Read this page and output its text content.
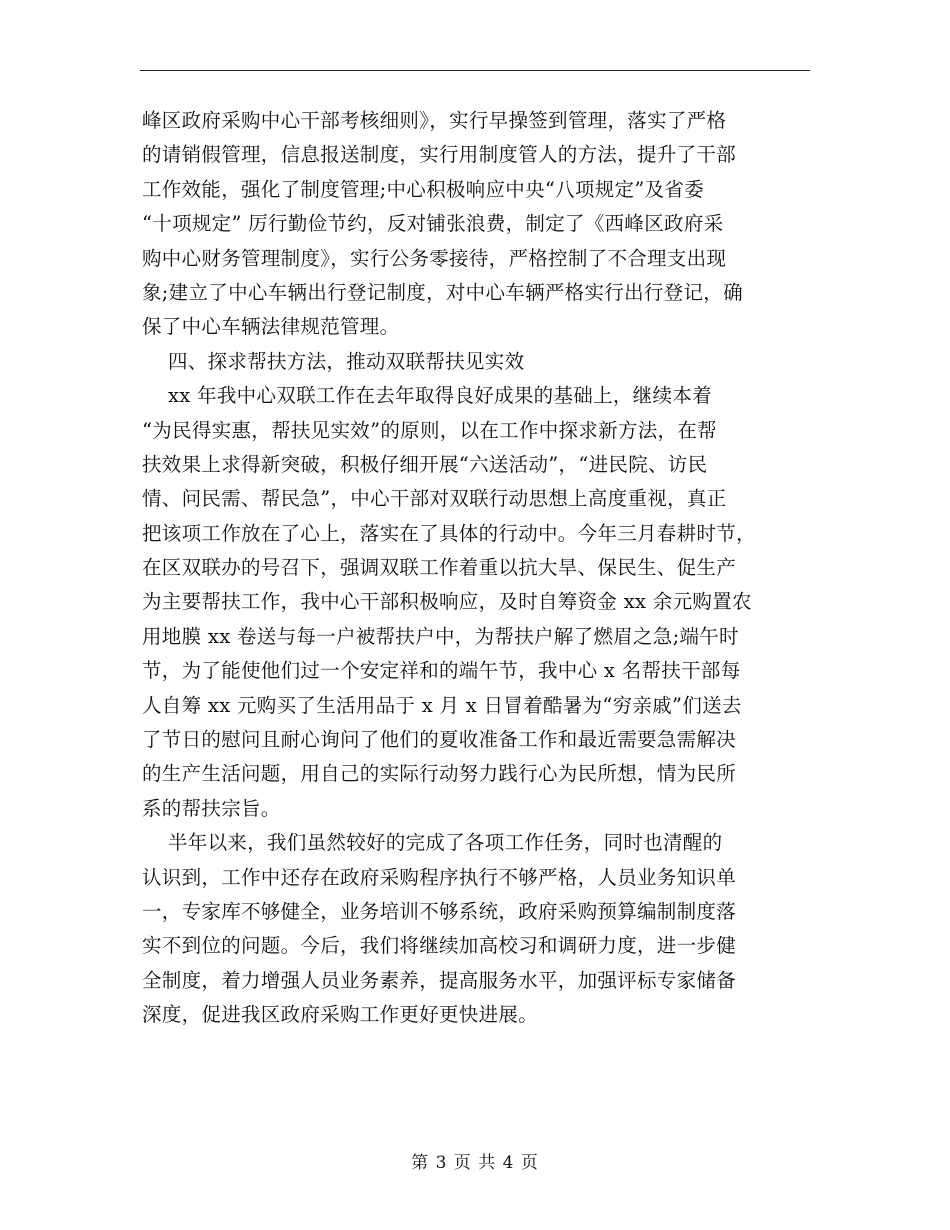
峰区政府采购中心干部考核细则》，实行早操签到管理，落实了严格
的请销假管理，信息报送制度，实行用制度管人的方法，提升了干部
工作效能，强化了制度管理;中心积极响应中央“八项规定”及省委
“十项规定” 厉行勤俭节约，反对铺张浪费，制定了《西峰区政府采
购中心财务管理制度》，实行公务零接待，严格控制了不合理支出现
象;建立了中心车辆出行登记制度，对中心车辆严格实行出行登记，确
保了中心车辆法律规范管理。
四、探求帮扶方法，推动双联帮扶见实效
xx 年我中心双联工作在去年取得良好成果的基础上，继续本着
“为民得实惠，帮扶见实效”的原则，以在工作中探求新方法，在帮
扶效果上求得新突破，积极仔细开展“六送活动”，“进民院、访民
情、问民需、帮民急”，中心干部对双联行动思想上高度重视，真正
把该项工作放在了心上，落实在了具体的行动中。今年三月春耕时节，
在区双联办的号召下，强调双联工作着重以抗大旱、保民生、促生产
为主要帮扶工作，我中心干部积极响应，及时自筹资金 xx 余元购置农
用地膜 xx 卷送与每一户被帮扶户中，为帮扶户解了燃眉之急;端午时
节，为了能使他们过一个安定祥和的端午节，我中心 x 名帮扶干部每
人自筹 xx 元购买了生活用品于 x 月 x 日冒着酷暑为“穷亲戚”们送去
了节日的慰问且耐心询问了他们的夏收准备工作和最近需要急需解决
的生产生活问题，用自己的实际行动努力践行心为民所想，情为民所
系的帮扶宗旨。
半年以来，我们虽然较好的完成了各项工作任务，同时也清醒的
认识到，工作中还存在政府采购程序执行不够严格，人员业务知识单
一，专家库不够健全，业务培训不够系统，政府采购预算编制制度落
实不到位的问题。今后，我们将继续加高校习和调研力度，进一步健
全制度，着力增强人员业务素养，提高服务水平，加强评标专家储备
深度，促进我区政府采购工作更好更快进展。
第 3 页 共 4 页
